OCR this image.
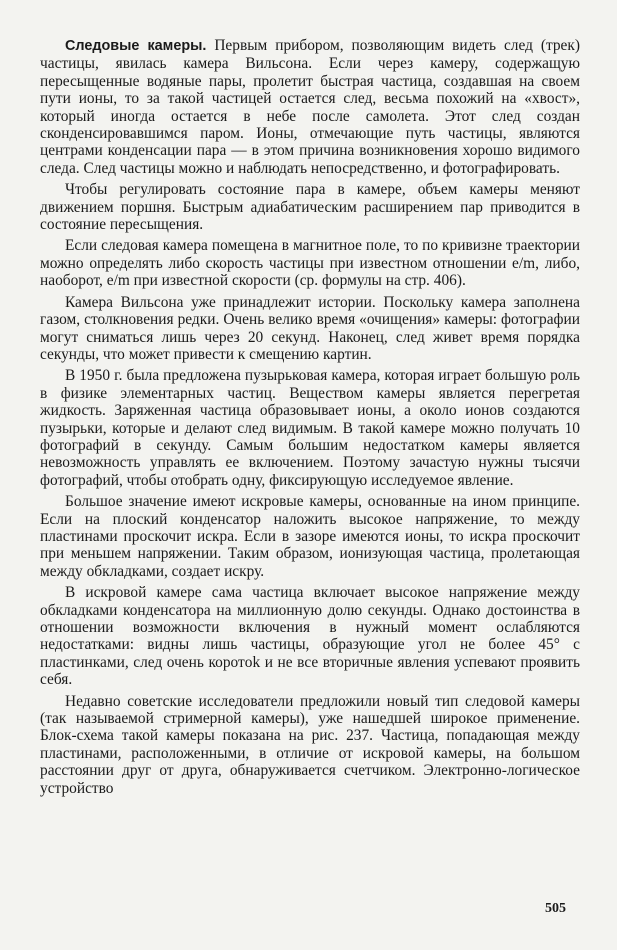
Следовые камеры. Первым прибором, позволяющим видеть след (трек) частицы, явилась камера Вильсона. Если через камеру, содержащую пересыщенные водяные пары, пролетит быстрая частица, создавшая на своем пути ионы, то за такой частицей остается след, весьма похожий на «хвост», который иногда остается в небе после самолета. Этот след создан сконденсировавшимся паром. Ионы, отмечающие путь частицы, являются центрами конденсации пара — в этом причина возникновения хорошо видимого следа. След частицы можно и наблюдать непосредственно, и фотографировать.

Чтобы регулировать состояние пара в камере, объем камеры меняют движением поршня. Быстрым адиабатическим расширением пар приводится в состояние пересыщения.

Если следовая камера помещена в магнитное поле, то по кривизне траектории можно определять либо скорость частицы при известном отношении e/m, либо, наоборот, e/m при известной скорости (ср. формулы на стр. 406).

Камера Вильсона уже принадлежит истории. Поскольку камера заполнена газом, столкновения редки. Очень велико время «очищения» камеры: фотографии могут сниматься лишь через 20 секунд. Наконец, след живет время порядка секунды, что может привести к смещению картин.

В 1950 г. была предложена пузырьковая камера, которая играет большую роль в физике элементарных частиц. Веществом камеры является перегретая жидкость. Заряженная частица образовывает ионы, а около ионов создаются пузырьки, которые и делают след видимым. В такой камере можно получать 10 фотографий в секунду. Самым большим недостатком камеры является невозможность управлять ее включением. Поэтому зачастую нужны тысячи фотографий, чтобы отобрать одну, фиксирующую исследуемое явление.

Большое значение имеют искровые камеры, основанные на ином принципе. Если на плоский конденсатор наложить высокое напряжение, то между пластинами проскочит искра. Если в зазоре имеются ионы, то искра проскочит при меньшем напряжении. Таким образом, ионизующая частица, пролетающая между обкладками, создает искру.

В искровой камере сама частица включает высокое напряжение между обкладками конденсатора на миллионную долю секунды. Однако достоинства в отношении возможности включения в нужный момент ослабляются недостатками: видны лишь частицы, образующие угол не более 45° с пластинками, след очень коротok и не все вторичные явления успевают проявить себя.

Недавно советские исследователи предложили новый тип следовой камеры (так называемой стримерной камеры), уже нашедшей широкое применение. Блок-схема такой камеры показана на рис. 237. Частица, попадающая между пластинами, расположенными, в отличие от искровой камеры, на большом расстоянии друг от друга, обнаруживается счетчиком. Электронно-логическое устройство

505
